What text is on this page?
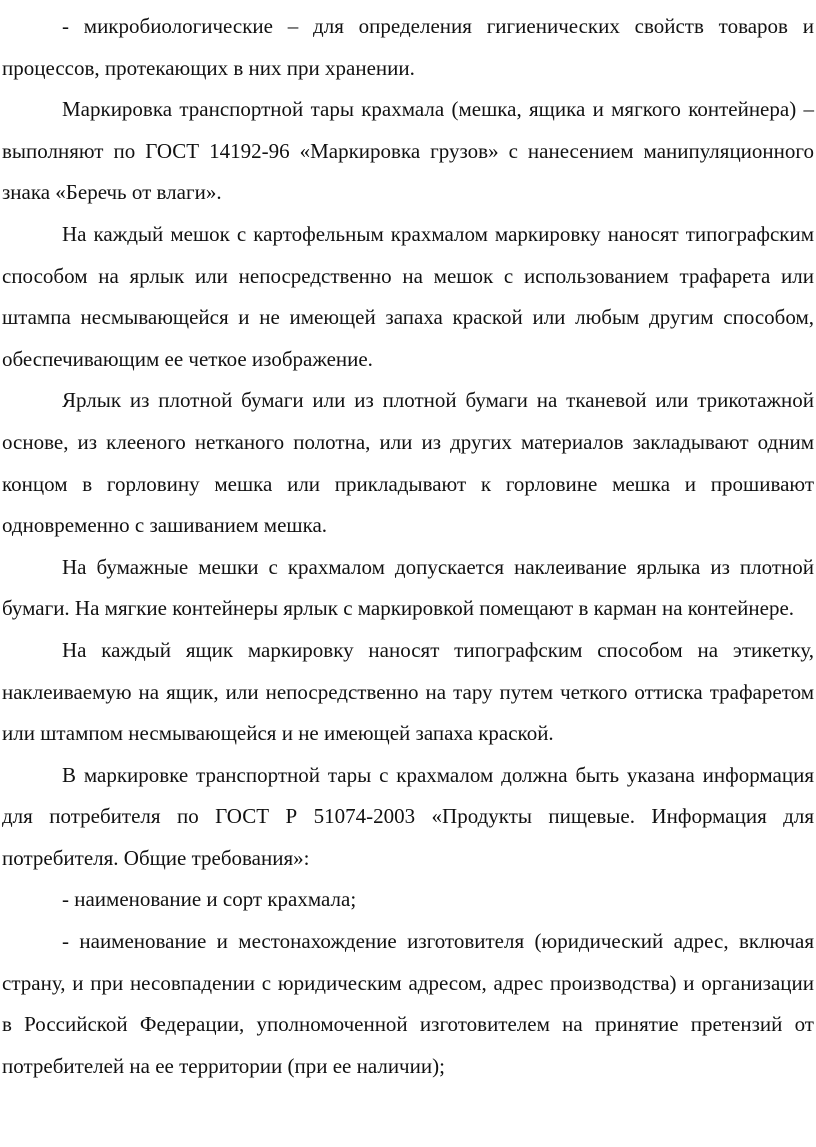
- микробиологические – для определения гигиенических свойств товаров и процессов, протекающих в них при хранении.

Маркировка транспортной тары крахмала (мешка, ящика и мягкого контейнера) – выполняют по ГОСТ 14192-96 «Маркировка грузов» с нанесением манипуляционного знака «Беречь от влаги».

На каждый мешок с картофельным крахмалом маркировку наносят типографским способом на ярлык или непосредственно на мешок с использованием трафарета или штампа несмывающейся и не имеющей запаха краской или любым другим способом, обеспечивающим ее четкое изображение.

Ярлык из плотной бумаги или из плотной бумаги на тканевой или трикотажной основе, из клееного нетканого полотна, или из других материалов закладывают одним концом в горловину мешка или прикладывают к горловине мешка и прошивают одновременно с зашиванием мешка.

На бумажные мешки с крахмалом допускается наклеивание ярлыка из плотной бумаги. На мягкие контейнеры ярлык с маркировкой помещают в карман на контейнере.

На каждый ящик маркировку наносят типографским способом на этикетку, наклеиваемую на ящик, или непосредственно на тару путем четкого оттиска трафаретом или штампом несмывающейся и не имеющей запаха краской.

В маркировке транспортной тары с крахмалом должна быть указана информация для потребителя по ГОСТ Р 51074-2003 «Продукты пищевые. Информация для потребителя. Общие требования»:

- наименование и сорт крахмала;

- наименование и местонахождение изготовителя (юридический адрес, включая страну, и при несовпадении с юридическим адресом, адрес производства) и организации в Российской Федерации, уполномоченной изготовителем на принятие претензий от потребителей на ее территории (при ее наличии);
